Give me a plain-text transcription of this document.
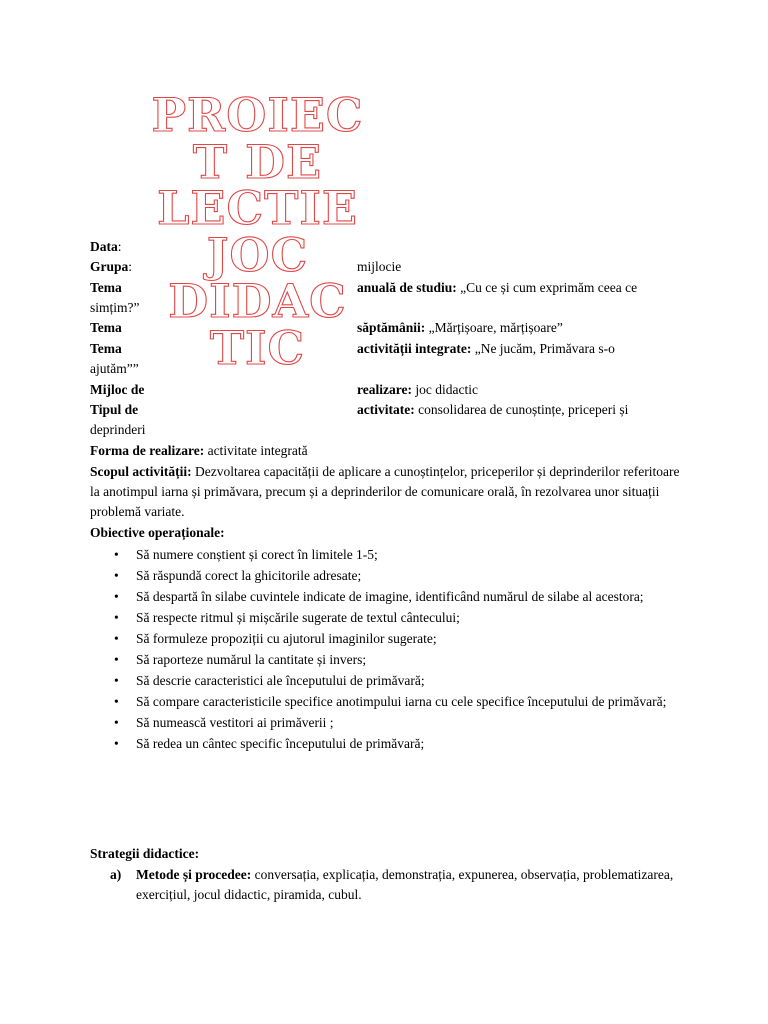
PROIEC
T DE
LECTIE
JOC
DIDAC
TIC
Data:
Grupa:	mijlocie
Tema	anuală de studiu: „Cu ce și cum exprimăm ceea ce
simțim?”
Tema	săptămânii: „Mărțișoare, mărțișoare”
Tema	activității integrate: „Ne jucăm, Primăvara s-o
ajutăm””
Mijloc de	realizare: joc didactic
Tipul de	activitate: consolidarea de cunoștințe, priceperi și
deprinderi
Forma de realizare: activitate integrată
Scopul activității: Dezvoltarea capacității de aplicare a cunoștințelor, priceperilor și deprinderilor referitoare la anotimpul iarna și primăvara, precum și a deprinderilor de comunicare orală, în rezolvarea unor situații problemă variate.
Obiective operaționale:
• Să numere conștient și corect în limitele 1-5;
• Să răspundă corect la ghicitorile adresate;
• Să despartă în silabe cuvintele indicate de imagine, identificând numărul de silabe al acestora;
• Să respecte ritmul și mișcările sugerate de textul cântecului;
• Să formuleze propoziții cu ajutorul imaginilor sugerate;
• Să raporteze numărul la cantitate și invers;
• Să descrie caracteristici ale începutului de primăvară;
• Să compare caracteristicile specifice anotimpului iarna cu cele specifice începutului de primăvară;
• Să numească vestitori ai primăverii ;
• Să redea un cântec specific începutului de primăvară;
Strategii didactice:
a) Metode și procedee: conversația, explicația, demonstrația, expunerea, observația, problematizarea, exercițiul, jocul didactic, piramida, cubul.
